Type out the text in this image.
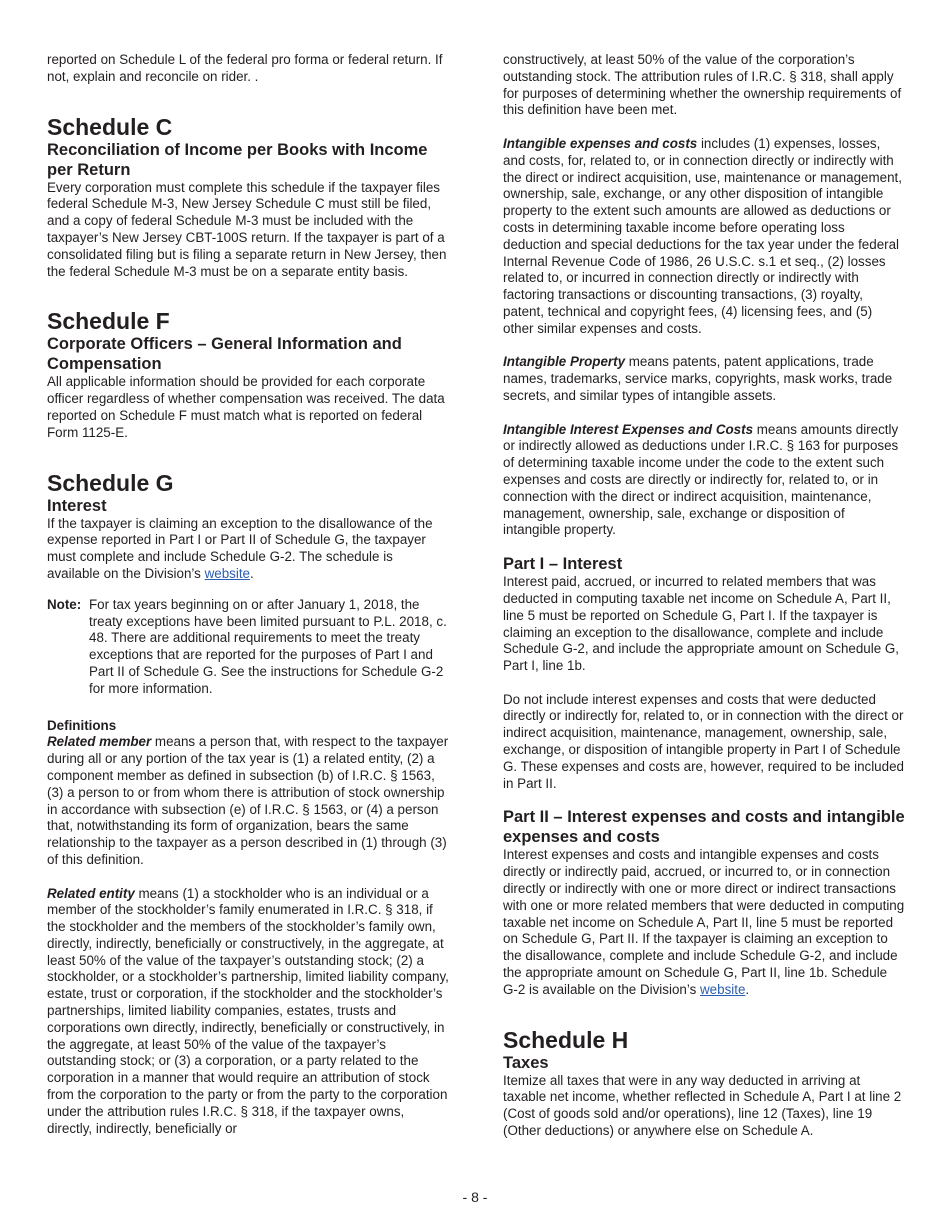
reported on Schedule L of the federal pro forma or federal return. If not, explain and reconcile on rider. .

Schedule C
Reconciliation of Income per Books with Income per Return

Every corporation must complete this schedule if the taxpayer files federal Schedule M-3, New Jersey Schedule C must still be filed, and a copy of federal Schedule M-3 must be included with the taxpayer’s New Jersey CBT-100S return. If the taxpayer is part of a consolidated filing but is filing a separate return in New Jersey, then the federal Schedule M-3 must be on a separate entity basis.

Schedule F
Corporate Officers – General Information and Compensation

All applicable information should be provided for each corporate officer regardless of whether compensation was received. The data reported on Schedule F must match what is reported on federal Form 1125-E.

Schedule G
Interest

If the taxpayer is claiming an exception to the disallowance of the expense reported in Part I or Part II of Schedule G, the taxpayer must complete and include Schedule G-2. The schedule is available on the Division’s website.

Note: For tax years beginning on or after January 1, 2018, the treaty exceptions have been limited pursuant to P.L. 2018, c. 48. There are additional requirements to meet the treaty exceptions that are reported for the purposes of Part I and Part II of Schedule G. See the instructions for Schedule G-2 for more information.
Definitions

Related member means a person that, with respect to the taxpayer during all or any portion of the tax year is (1) a related entity, (2) a component member as defined in subsection (b) of I.R.C. § 1563, (3) a person to or from whom there is attribution of stock ownership in accordance with subsection (e) of I.R.C. § 1563, or (4) a person that, notwithstanding its form of organization, bears the same relationship to the taxpayer as a person described in (1) through (3) of this definition.

Related entity means (1) a stockholder who is an individual or a member of the stockholder’s family enumerated in I.R.C. § 318, if the stockholder and the members of the stockholder’s family own, directly, indirectly, beneficially or constructively, in the aggregate, at least 50% of the value of the taxpayer’s outstanding stock; (2) a stockholder, or a stockholder’s partnership, limited liability company, estate, trust or corporation, if the stockholder and the stockholder’s partnerships, limited liability companies, estates, trusts and corporations own directly, indirectly, beneficially or constructively, in the aggregate, at least 50% of the value of the taxpayer’s outstanding stock; or (3) a corporation, or a party related to the corporation in a manner that would require an attribution of stock from the corporation to the party or from the party to the corporation under the attribution rules I.R.C. § 318, if the taxpayer owns, directly, indirectly, beneficially or

constructively, at least 50% of the value of the corporation’s outstanding stock. The attribution rules of I.R.C. § 318, shall apply for purposes of determining whether the ownership requirements of this definition have been met.

Intangible expenses and costs includes (1) expenses, losses, and costs, for, related to, or in connection directly or indirectly with the direct or indirect acquisition, use, maintenance or management, ownership, sale, exchange, or any other disposition of intangible property to the extent such amounts are allowed as deductions or costs in determining taxable income before operating loss deduction and special deductions for the tax year under the federal Internal Revenue Code of 1986, 26 U.S.C. s.1 et seq., (2) losses related to, or incurred in connection directly or indirectly with factoring transactions or discounting transactions, (3) royalty, patent, technical and copyright fees, (4) licensing fees, and (5) other similar expenses and costs.

Intangible Property means patents, patent applications, trade names, trademarks, service marks, copyrights, mask works, trade secrets, and similar types of intangible assets.

Intangible Interest Expenses and Costs means amounts directly or indirectly allowed as deductions under I.R.C. § 163 for purposes of determining taxable income under the code to the extent such expenses and costs are directly or indirectly for, related to, or in connection with the direct or indirect acquisition, maintenance, management, ownership, sale, exchange or disposition of intangible property.

Part I – Interest

Interest paid, accrued, or incurred to related members that was deducted in computing taxable net income on Schedule A, Part II, line 5 must be reported on Schedule G, Part I. If the taxpayer is claiming an exception to the disallowance, complete and include Schedule G-2, and include the appropriate amount on Schedule G, Part I, line 1b.

Do not include interest expenses and costs that were deducted directly or indirectly for, related to, or in connection with the direct or indirect acquisition, maintenance, management, ownership, sale, exchange, or disposition of intangible property in Part I of Schedule G. These expenses and costs are, however, required to be included in Part II.

Part II – Interest expenses and costs and intangible expenses and costs

Interest expenses and costs and intangible expenses and costs directly or indirectly paid, accrued, or incurred to, or in connection directly or indirectly with one or more direct or indirect transactions with one or more related members that were deducted in computing taxable net income on Schedule A, Part II, line 5 must be reported on Schedule G, Part II. If the taxpayer is claiming an exception to the disallowance, complete and include Schedule G-2, and include the appropriate amount on Schedule G, Part II, line 1b. Schedule G-2 is available on the Division’s website.

Schedule H
Taxes

Itemize all taxes that were in any way deducted in arriving at taxable net income, whether reflected in Schedule A, Part I at line 2 (Cost of goods sold and/or operations), line 12 (Taxes), line 19 (Other deductions) or anywhere else on Schedule A.

- 8 -
